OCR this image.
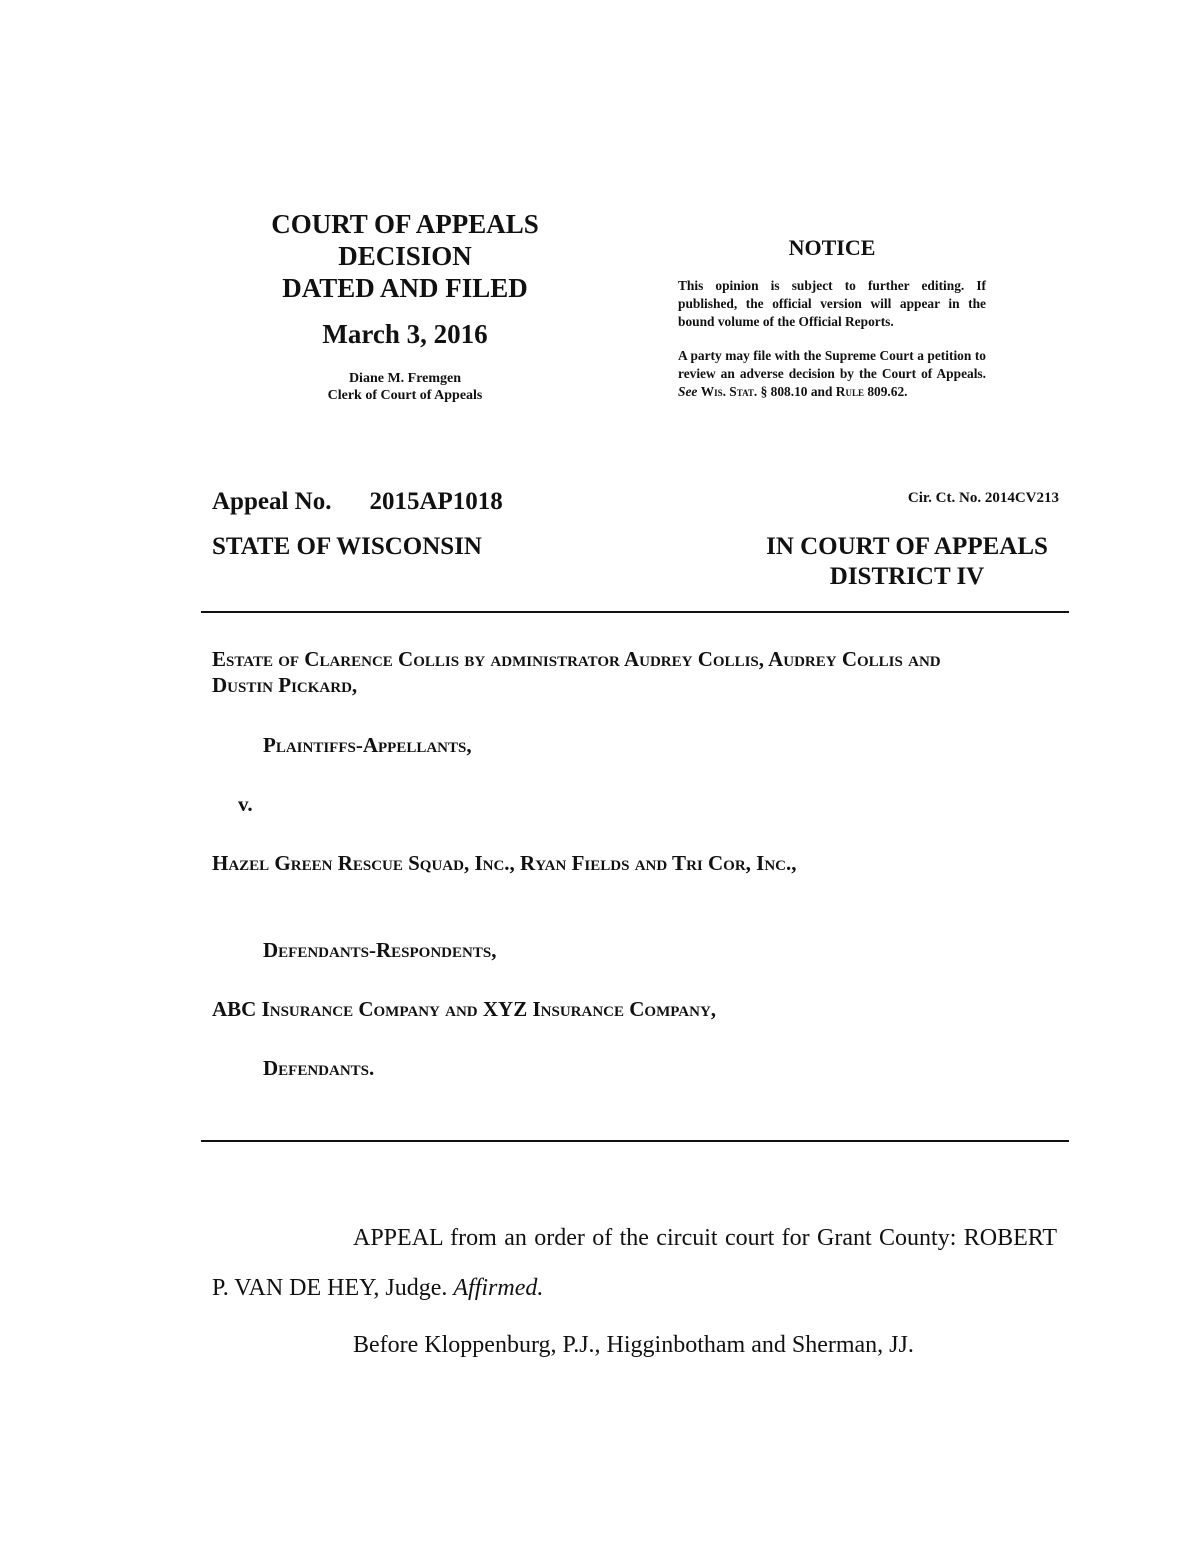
COURT OF APPEALS
DECISION
DATED AND FILED
March 3, 2016
Diane M. Fremgen
Clerk of Court of Appeals
NOTICE

This opinion is subject to further editing. If published, the official version will appear in the bound volume of the Official Reports.

A party may file with the Supreme Court a petition to review an adverse decision by the Court of Appeals. See Wis. Stat. § 808.10 and Rule 809.62.

Appeal No. 2015AP1018	Cir. Ct. No. 2014CV213
STATE OF WISCONSIN	IN COURT OF APPEALS
DISTRICT IV
Estate of Clarence Collis by administrator Audrey Collis, Audrey Collis and Dustin Pickard,
Plaintiffs-Appellants,
v.
Hazel Green Rescue Squad, Inc., Ryan Fields and Tri Cor, Inc.,
Defendants-Respondents,
ABC Insurance Company and XYZ Insurance Company,
Defendants.
APPEAL from an order of the circuit court for Grant County: ROBERT P. VAN DE HEY, Judge. Affirmed.
Before Kloppenburg, P.J., Higginbotham and Sherman, JJ.
